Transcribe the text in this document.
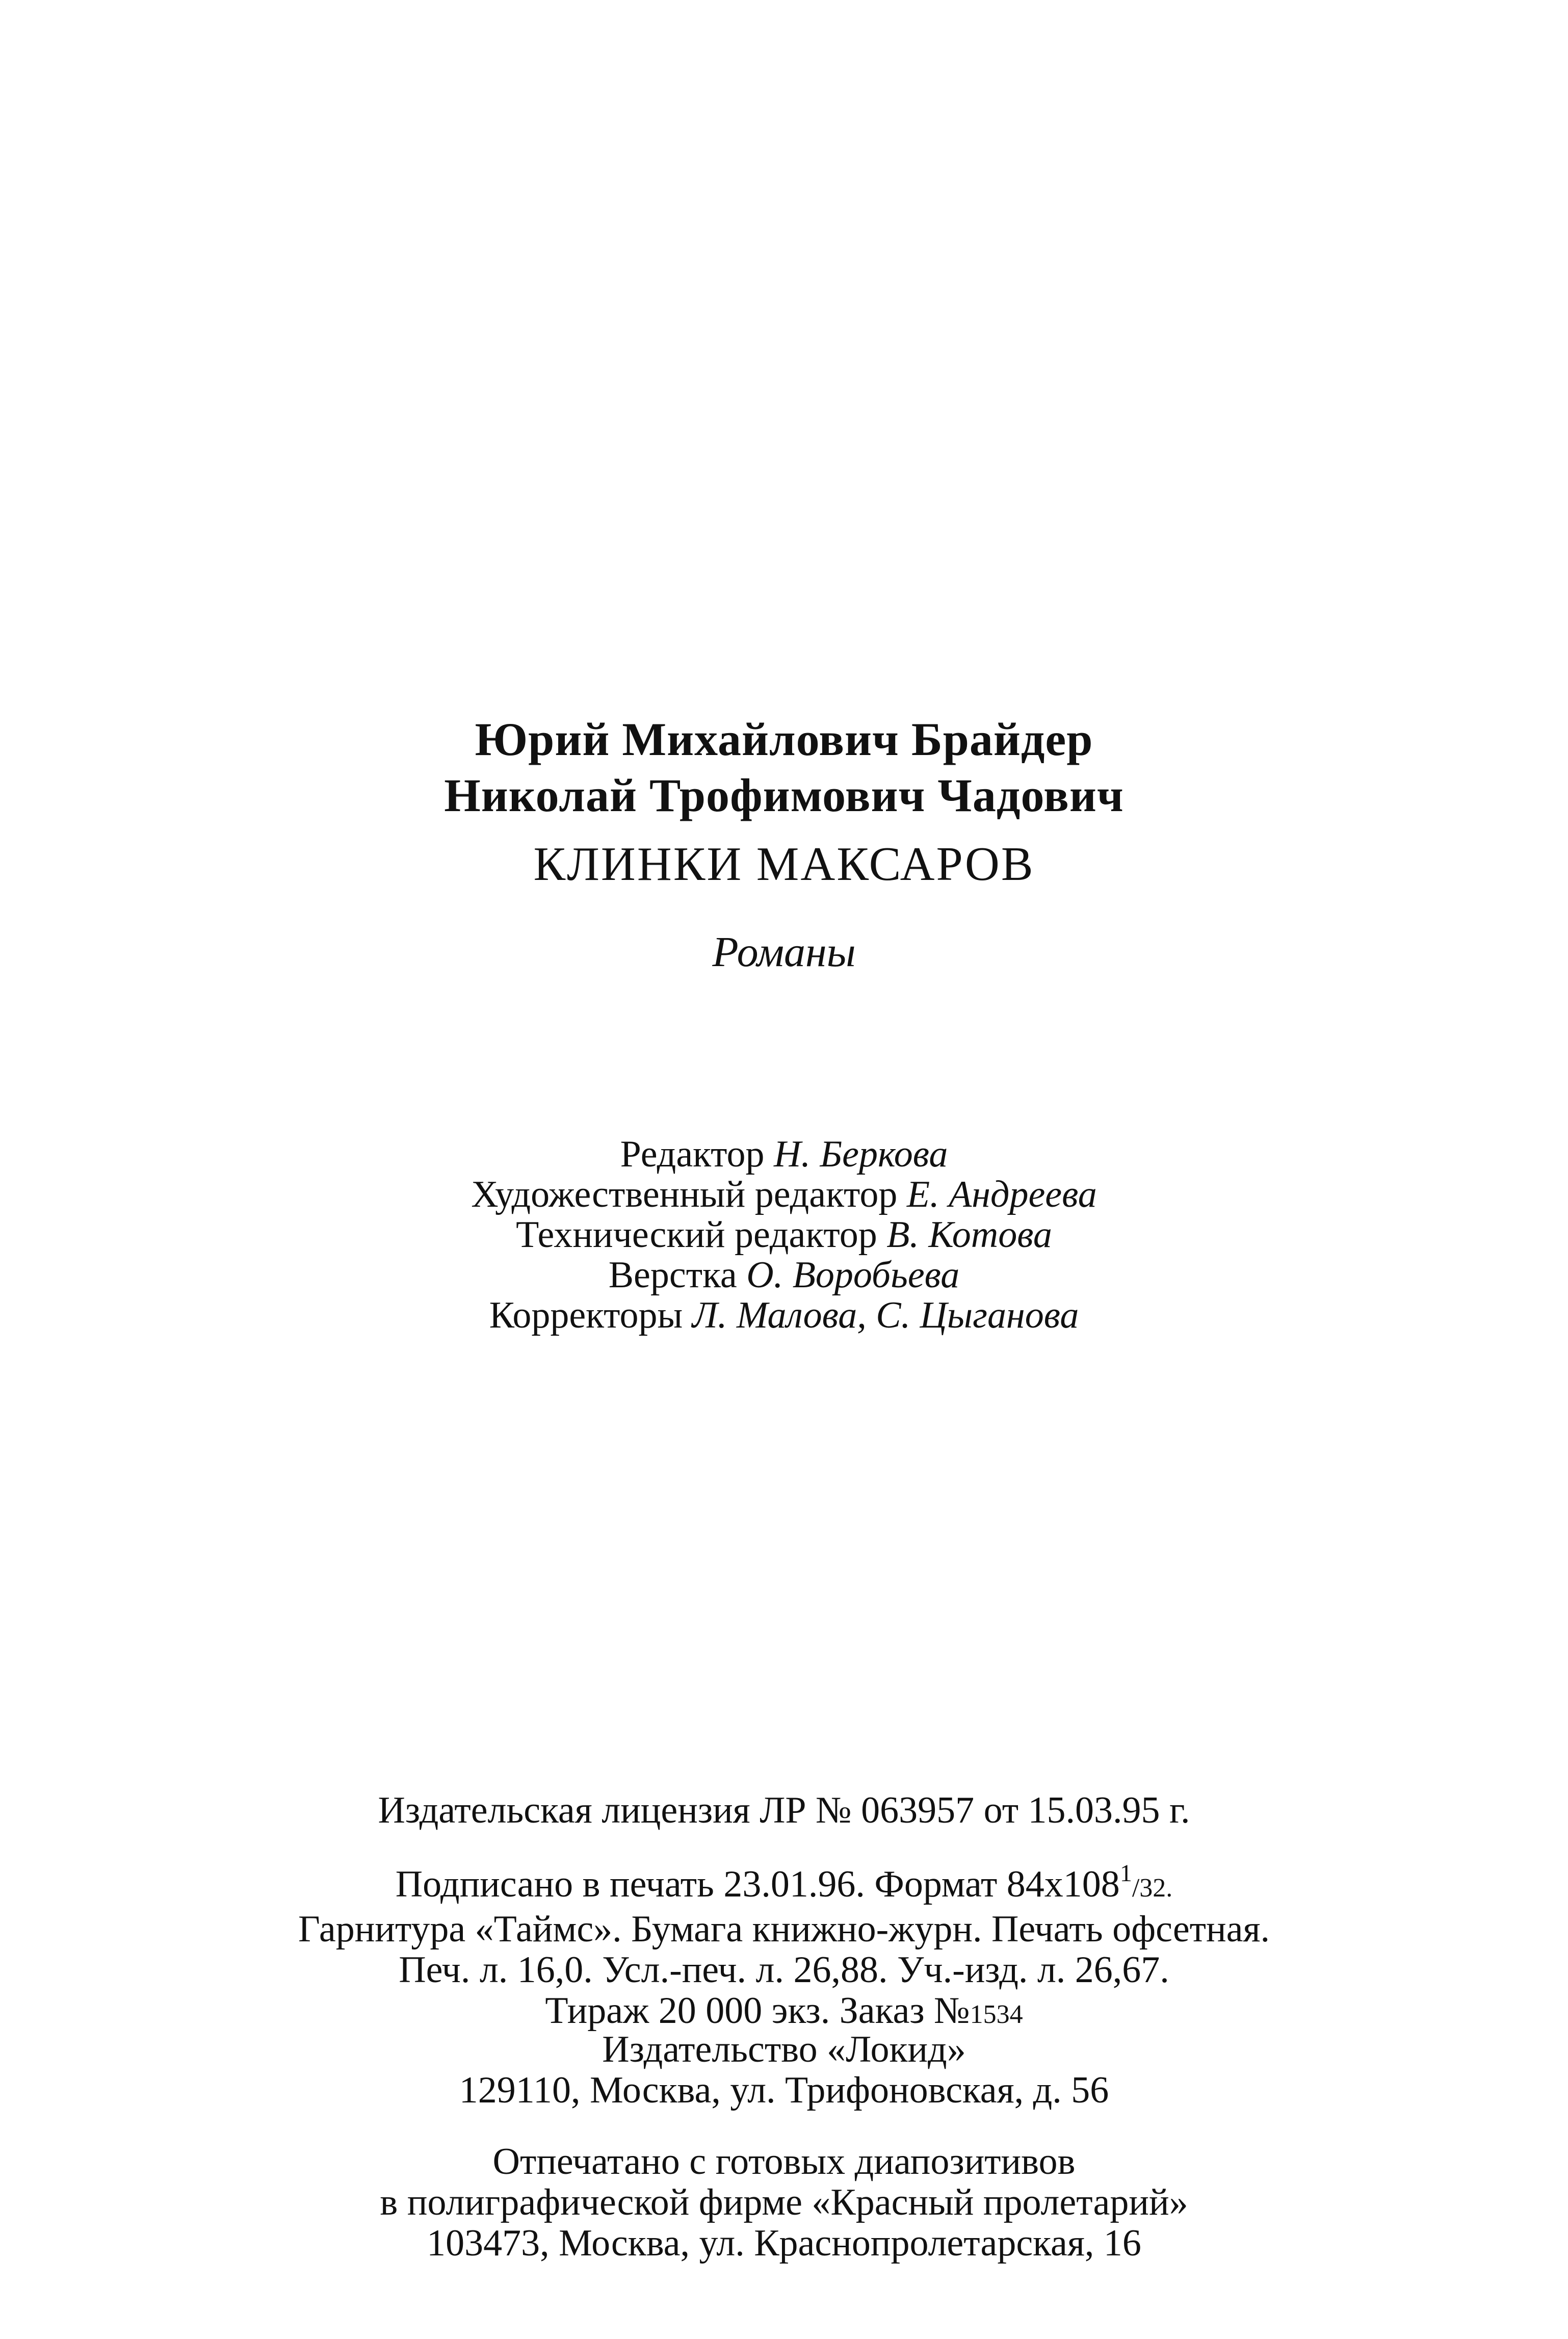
Юрий Михайлович Брайдер
Николай Трофимович Чадович
КЛИНКИ МАКСАРОВ
Романы
Редактор Н. Беркова
Художественный редактор Е. Андреева
Технический редактор В. Котова
Верстка О. Воробьева
Корректоры Л. Малова, С. Цыганова
Издательская лицензия ЛР № 063957 от 15.03.95 г.
Подписано в печать 23.01.96. Формат $84x108^1/32$.
Гарнитура «Таймс». Бумага книжно-журн. Печать офсетная.
Печ. л. 16,0. Усл.-печ. л. 26,88. Уч.-изд. л. 26,67.
Тираж 20 000 экз. Заказ №1534
Издательство «Локид»
129110, Москва, ул. Трифоновская, д. 56
Отпечатано с готовых диапозитивов
в полиграфической фирме «Красный пролетарий»
103473, Москва, ул. Краснопролетарская, 16
